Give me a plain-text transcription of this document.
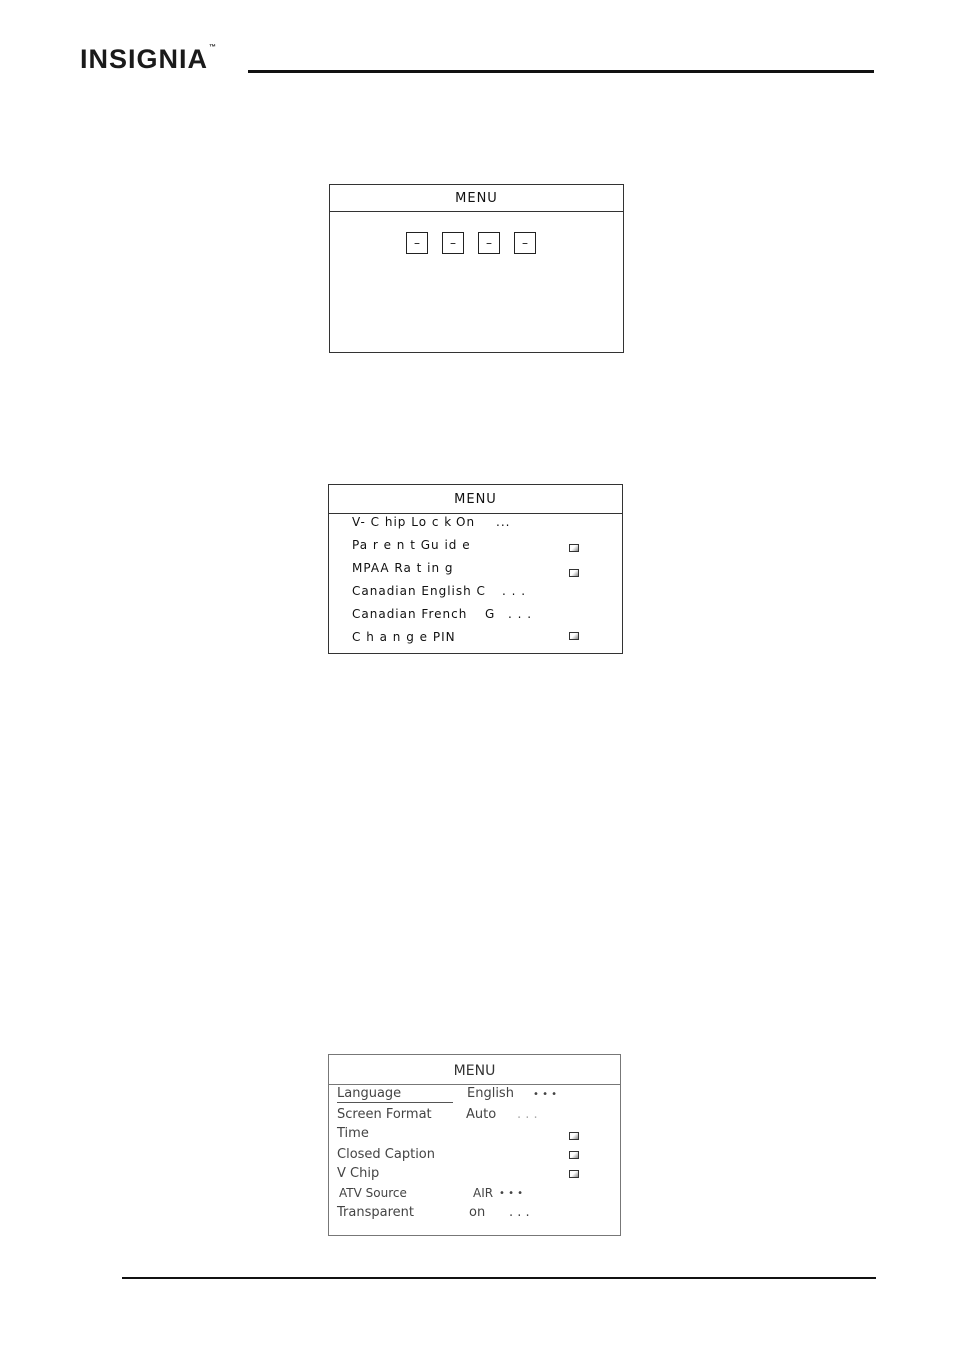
INSIGNIA™
MENU
–	–	–	–
MENU
V- C hip Lo c k On ...
Pa r e n t Gu id e
MPAA Ra t in g
Canadian English C . . .
Canadian French G . . .
C h a n g e PIN
MENU
Language	English • • •
Screen Format	Auto . . .
Time
Closed Caption
V Chip
ATV Source	AIR • • •
Transparent	on . . .
